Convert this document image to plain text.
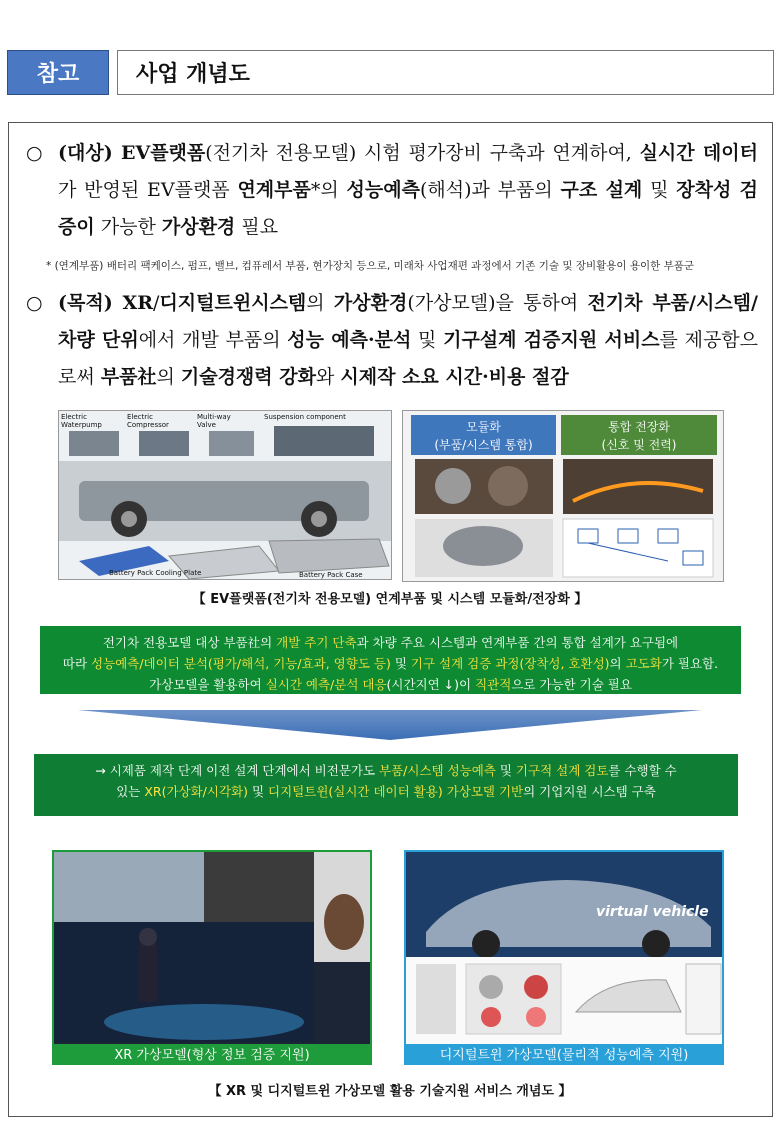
참고	사업 개념도
○ (대상) EV플랫폼(전기차 전용모델) 시험 평가장비 구축과 연계하여, 실시간 데이터가 반영된 EV플랫폼 연계부품*의 성능예측(해석)과 부품의 구조 설계 및 장착성 검증이 가능한 가상환경 필요
* (연계부품) 배터리 팩케이스, 펌프, 밸브, 컴퓨레서 부품, 현가장치 등으로, 미래차 사업재편 과정에서 기존 기술 및 장비활용이 용이한 부품군
○ (목적) XR/디지털트윈시스템의 가상환경(가상모델)을 통하여 전기차 부품/시스템/차량 단위에서 개발 부품의 성능 예측·분석 및 기구설계 검증지원 서비스를 제공함으로써 부품社의 기술경쟁력 강화와 시제작 소요 시간·비용 절감
Electric Waterpump
Electric Compressor
Multi-way Valve
Suspension component
Battery Pack Cooling Plate	Battery Pack Case
모듈화
(부품/시스템 통합)
통합 전장화
(신호 및 전력)
【 EV플랫폼(전기차 전용모델) 연계부품 및 시스템 모듈화/전장화 】
전기차 전용모델 대상 부품社의 개발 주기 단축과 차량 주요 시스템과 연계부품 간의 통합 설계가 요구됨에
따라 성능예측/데이터 분석(평가/해석, 기능/효과, 영향도 등) 및 기구 설계 검증 과정(장착성, 호환성)의 고도화가 필요함.
가상모델을 활용하여 실시간 예측/분석 대응(시간지연 ↓)이 직관적으로 가능한 기술 필요
→ 시제품 제작 단계 이전 설계 단계에서 비전문가도 부품/시스템 성능예측 및 기구적 설계 검토를 수행할 수
있는 XR(가상화/시각화) 및 디지털트윈(실시간 데이터 활용) 가상모델 기반의 기업지원 시스템 구축
XR 가상모델(형상 정보 검증 지원)
virtual vehicle
디지털트윈 가상모델(물리적 성능예측 지원)
【 XR 및 디지털트윈 가상모델 활용 기술지원 서비스 개념도 】
